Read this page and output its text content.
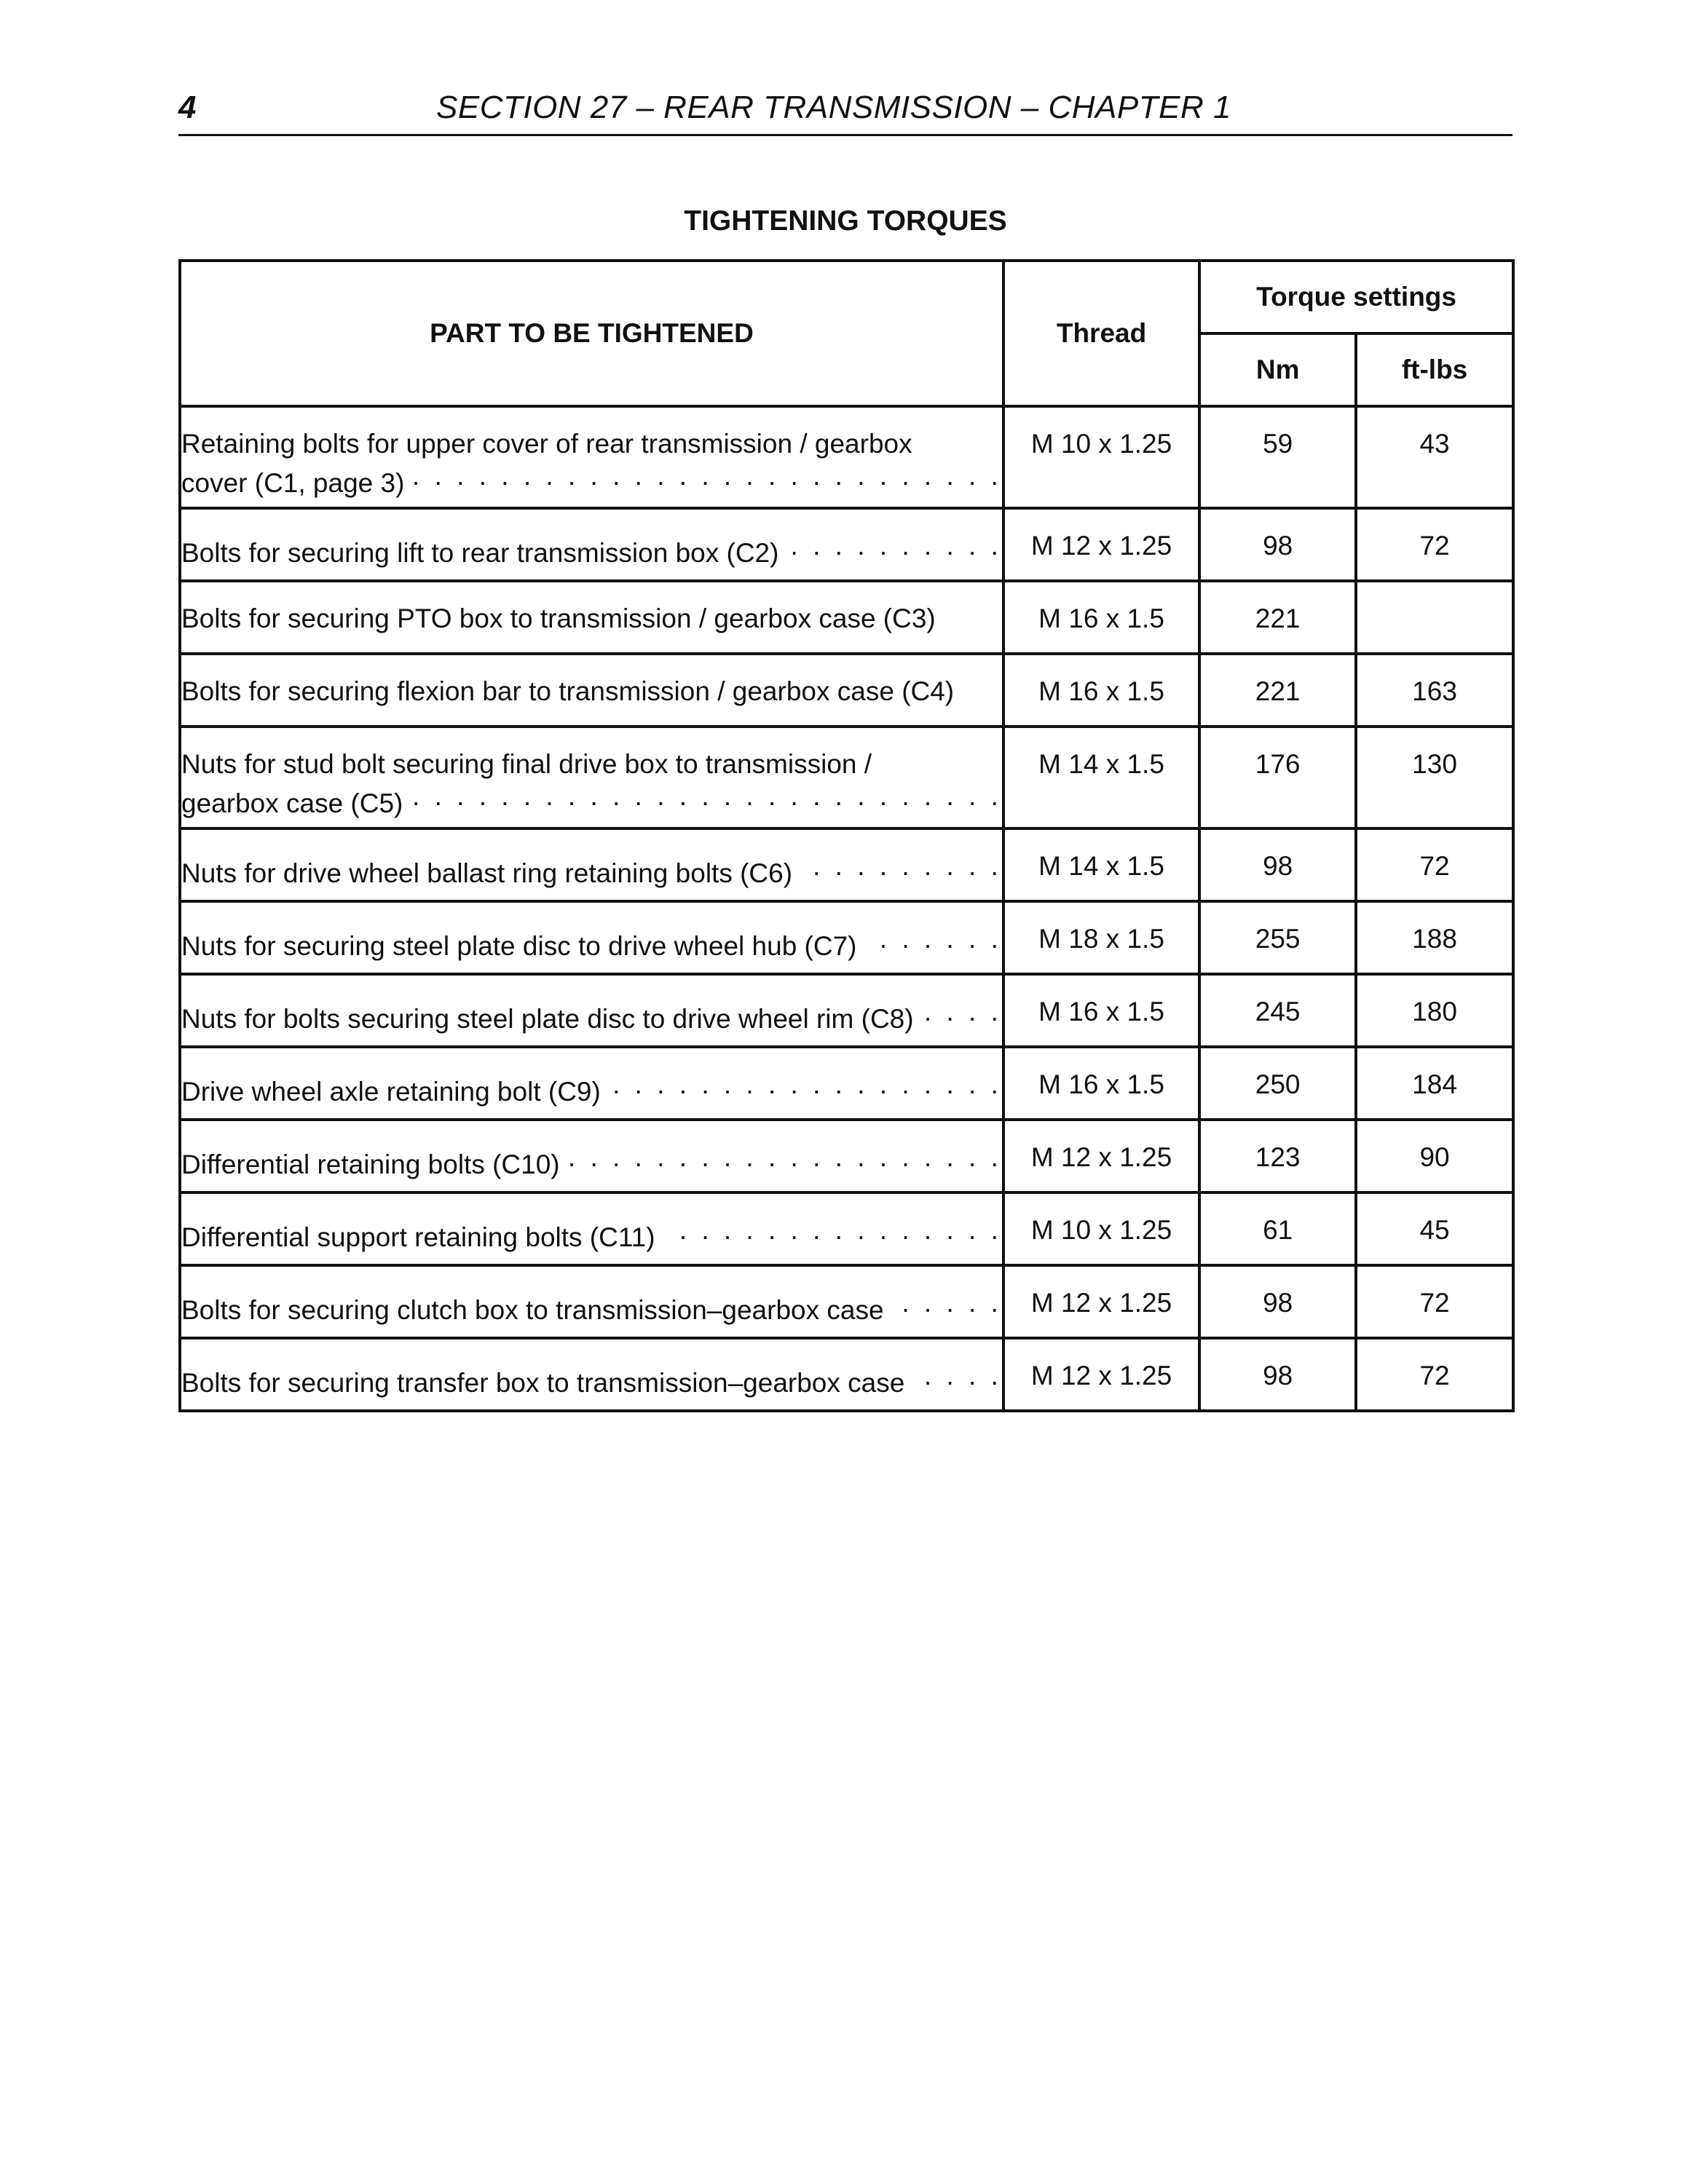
4	SECTION 27 – REAR TRANSMISSION – CHAPTER 1
TIGHTENING TORQUES
PART TO BE TIGHTENED	Thread	Torque settings	
		Nm	ft-lbs

Retaining bolts for upper cover of rear transmission / gearbox
cover (C1, page 3)
. . .	M 10 x 1.25	59	43

Bolts for securing lift to rear transmission box (C2)
. . .	M 12 x 1.25	98	72

Bolts for securing PTO box to transmission / gearbox case (C3)	M 16 x 1.5	221	

Bolts for securing flexion bar to transmission / gearbox case (C4)	M 16 x 1.5	221	163

Nuts for stud bolt securing final drive box to transmission /
gearbox case (C5)
. . .	M 14 x 1.5	176	130

Nuts for drive wheel ballast ring retaining bolts (C6)
. . .	M 14 x 1.5	98	72

Nuts for securing steel plate disc to drive wheel hub (C7)
. . .	M 18 x 1.5	255	188

Nuts for bolts securing steel plate disc to drive wheel rim (C8)
. . .	M 16 x 1.5	245	180

Drive wheel axle retaining bolt (C9)
. . .	M 16 x 1.5	250	184

Differential retaining bolts (C10)
. . .	M 12 x 1.25	123	90

Differential support retaining bolts (C11)
. . .	M 10 x 1.25	61	45

Bolts for securing clutch box to transmission–gearbox case
. . .	M 12 x 1.25	98	72

Bolts for securing transfer box to transmission–gearbox case
. . .	M 12 x 1.25	98	72
